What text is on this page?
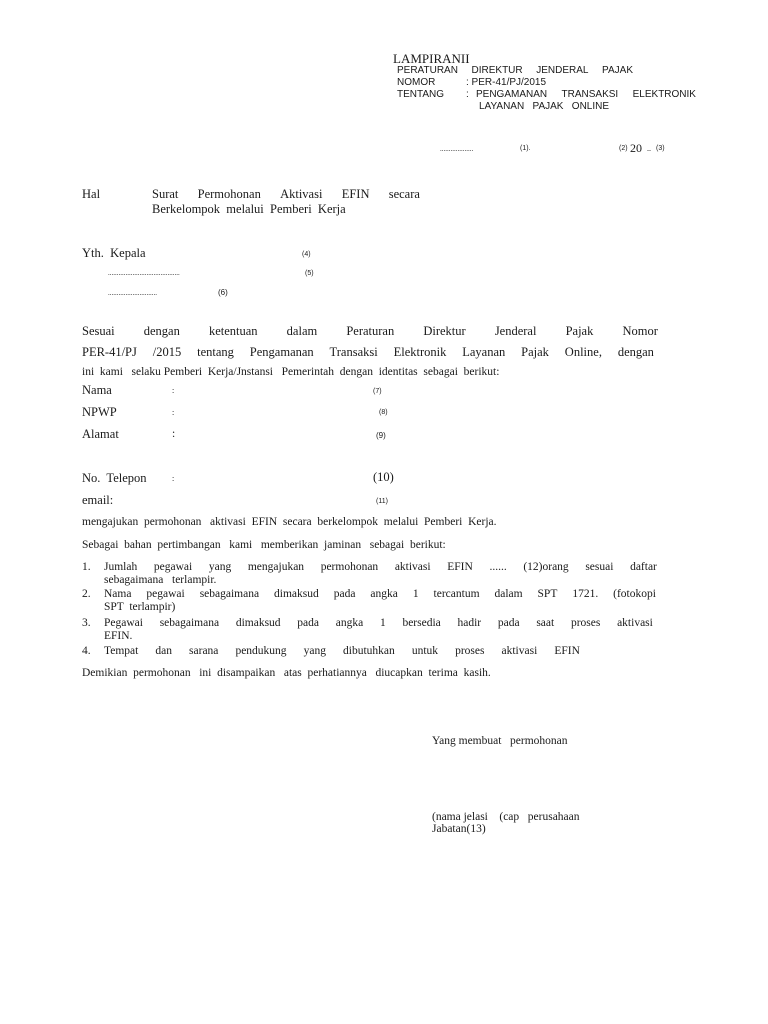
LAMPIRANII
PERATURAN DIREKTUR JENDERAL PAJAK
NOMOR	: PER-41/PJ/2015
TENTANG : PENGAMANAN TRANSAKSI ELEKTRONIK
LAYANAN   PAJAK   ONLINE
...................	(1).	(2) 20 .. (3)
Hal	Surat Permohonan Aktivasi EFIN secara
Berkelompok  melalui  Pemberi  Kerja
Yth.  Kepala	(4)
.........................................	(5)
............................	(6)
Sesuai dengan ketentuan dalam Peraturan Direktur Jenderal Pajak Nomor
PER-41/PJ /2015 tentang Pengamanan Transaksi Elektronik Layanan Pajak Online, dengan
ini  kami   selaku Pemberi  Kerja/Jnstansi   Pemerintah  dengan  identitas  sebagai  berikut:
Nama	:	(7)
NPWP	:	(8)
Alamat	:	(9)
No.  Telepon	:	(10)
email:	(11)
mengajukan  permohonan   aktivasi  EFIN  secara  berkelompok  melalui  Pemberi  Kerja.
Sebagai  bahan  pertimbangan   kami   memberikan  jaminan   sebagai  berikut:
1. Jumlah pegawai yang mengajukan permohonan aktivasi EFIN ...... (12)orang sesuai daftar
sebagaimana   terlampir.
2. Nama pegawai sebagaimana dimaksud pada angka 1 tercantum dalam SPT 1721. (fotokopi
SPT  terlampir)
3. Pegawai sebagaimana dimaksud pada angka 1 bersedia hadir pada saat proses aktivasi
EFIN.
4. Tempat dan sarana pendukung yang dibutuhkan untuk proses aktivasi EFIN
Demikian  permohonan   ini  disampaikan   atas  perhatiannya   diucapkan  terima  kasih.
Yang membuat   permohonan
(nama jelasi    (cap   perusahaan
Jabatan(13)
